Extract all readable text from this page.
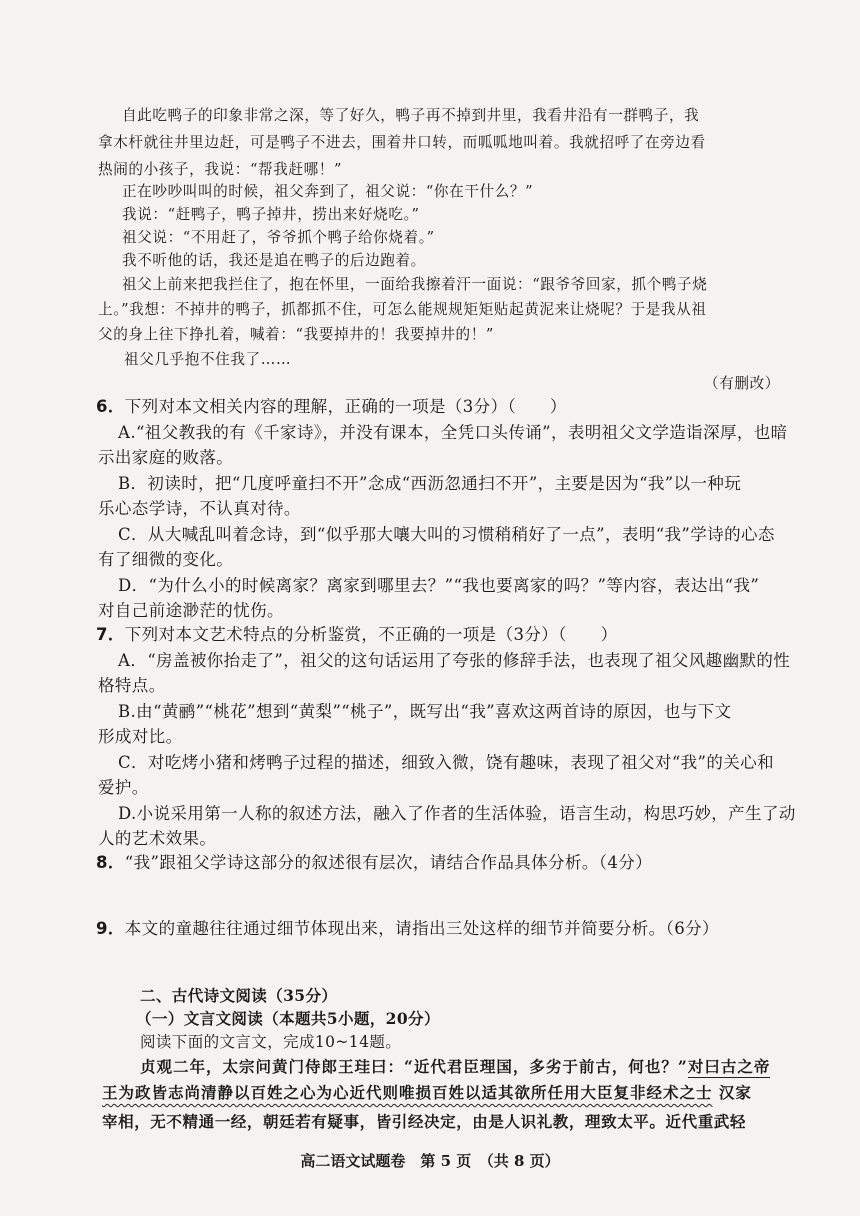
自此吃鸭子的印象非常之深，等了好久，鸭子再不掉到井里，我看井沿有一群鸭子，我
拿木杆就往井里边赶，可是鸭子不进去，围着井口转，而呱呱地叫着。我就招呼了在旁边看
热闹的小孩子，我说：“帮我赶哪！”
正在吵吵叫叫的时候，祖父奔到了，祖父说：“你在干什么？”
我说：“赶鸭子，鸭子掉井，捞出来好烧吃。”
祖父说：“不用赶了，爷爷抓个鸭子给你烧着。”
我不听他的话，我还是追在鸭子的后边跑着。
祖父上前来把我拦住了，抱在怀里，一面给我擦着汗一面说：“跟爷爷回家，抓个鸭子烧
上。”我想：不掉井的鸭子，抓都抓不住，可怎么能规规矩矩贴起黄泥来让烧呢？于是我从祖
父的身上往下挣扎着，喊着：“我要掉井的！我要掉井的！”
祖父几乎抱不住我了……
（有删改）
6．下列对本文相关内容的理解，正确的一项是（3分）（　　）
A.“祖父教我的有《千家诗》，并没有课本，全凭口头传诵”，表明祖父文学造诣深厚，也暗
示出家庭的败落。
B．初读时，把“几度呼童扫不开”念成“西沥忽通扫不开”，主要是因为“我”以一种玩
乐心态学诗，不认真对待。
C．从大喊乱叫着念诗，到“似乎那大嚷大叫的习惯稍稍好了一点”，表明“我”学诗的心态
有了细微的变化。
D．“为什么小的时候离家？离家到哪里去？”“我也要离家的吗？”等内容，表达出“我”
对自己前途渺茫的忧伤。
7．下列对本文艺术特点的分析鉴赏，不正确的一项是（3分）（　　）
A．“房盖被你抬走了”，祖父的这句话运用了夸张的修辞手法，也表现了祖父风趣幽默的性
格特点。
B.由“黄鹂”“桃花”想到“黄梨”“桃子”，既写出“我”喜欢这两首诗的原因，也与下文
形成对比。
C．对吃烤小猪和烤鸭子过程的描述，细致入微，饶有趣味，表现了祖父对“我”的关心和
爱护。
D.小说采用第一人称的叙述方法，融入了作者的生活体验，语言生动，构思巧妙，产生了动
人的艺术效果。
8．“我”跟祖父学诗这部分的叙述很有层次，请结合作品具体分析。（4分）
9．本文的童趣往往通过细节体现出来，请指出三处这样的细节并简要分析。（6分）
二、古代诗文阅读（35分）
（一）文言文阅读（本题共5小题，20分）
阅读下面的文言文，完成10~14题。
贞观二年，太宗问黄门侍郎王珪曰：“近代君臣理国，多劣于前古，何也？”对曰古之帝
王为政皆志尚清静以百姓之心为心近代则唯损百姓以适其欲所任用大臣复非经术之士 汉家
宰相，无不精通一经，朝廷若有疑事，皆引经决定，由是人识礼教，理致太平。近代重武轻
高二语文试题卷　第 5 页　（共 8 页）
